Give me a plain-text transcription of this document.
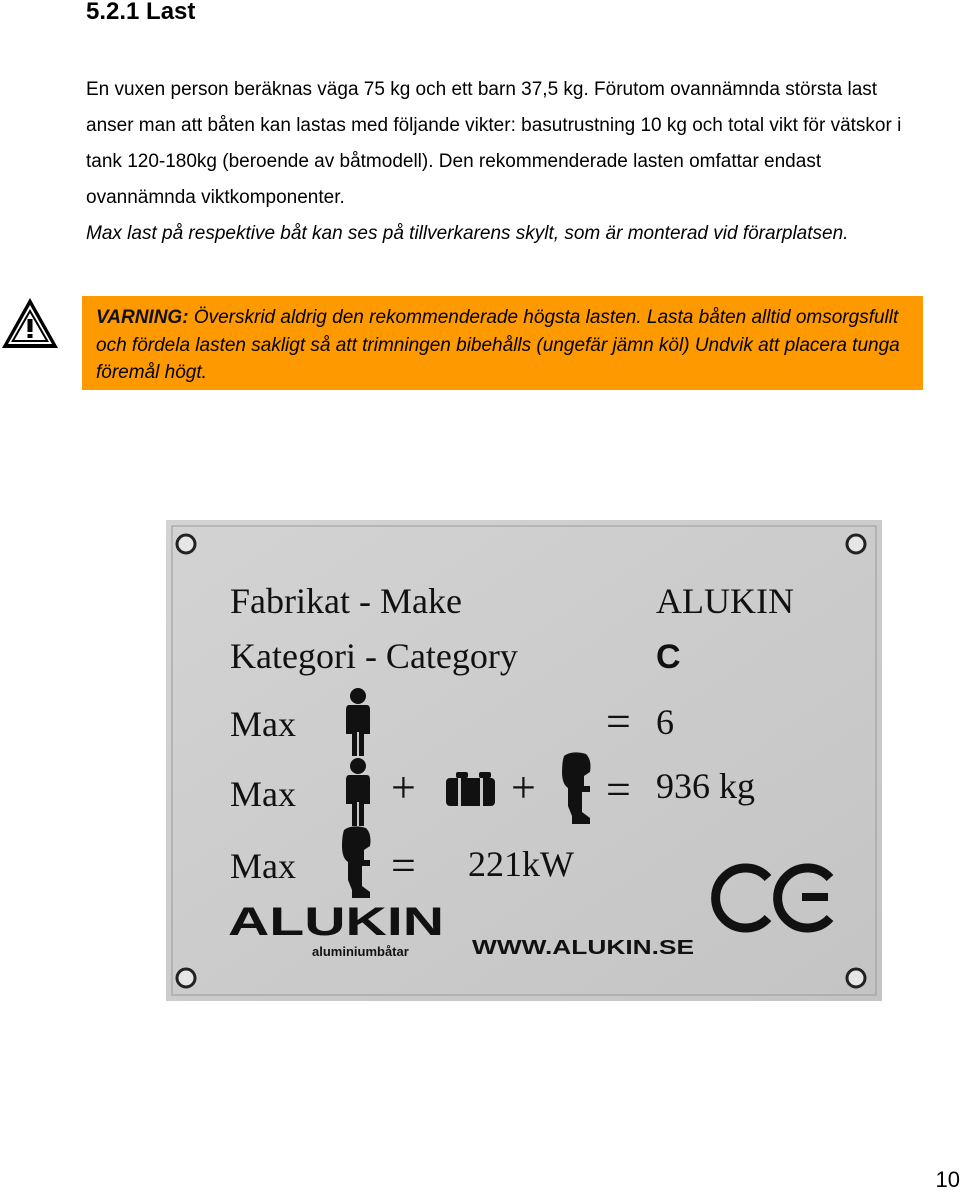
5.2.1 Last

En vuxen person beräknas väga 75 kg och ett barn 37,5 kg. Förutom ovannämnda största last anser man att båten kan lastas med följande vikter: basutrustning 10 kg och total vikt för vätskor i tank 120-180kg (beroende av båtmodell). Den rekommenderade lasten omfattar endast ovannämnda viktkomponenter.

Max last på respektive båt kan ses på tillverkarens skylt, som är monterad vid förarplatsen.

VARNING: Överskrid aldrig den rekommenderade högsta lasten. Lasta båten alltid omsorgsfullt och fördela lasten sakligt så att trimningen bibehålls (ungefär jämn köl) Undvik att placera tunga föremål högt.
Fabrikat - Make	ALUKIN
Kategori - Category
Max
Max
Max
= 6
+ + = 936 kg
= 221kW
C
ALUKIN
aluminiumbåtar	WWW.ALUKIN.SE
10
